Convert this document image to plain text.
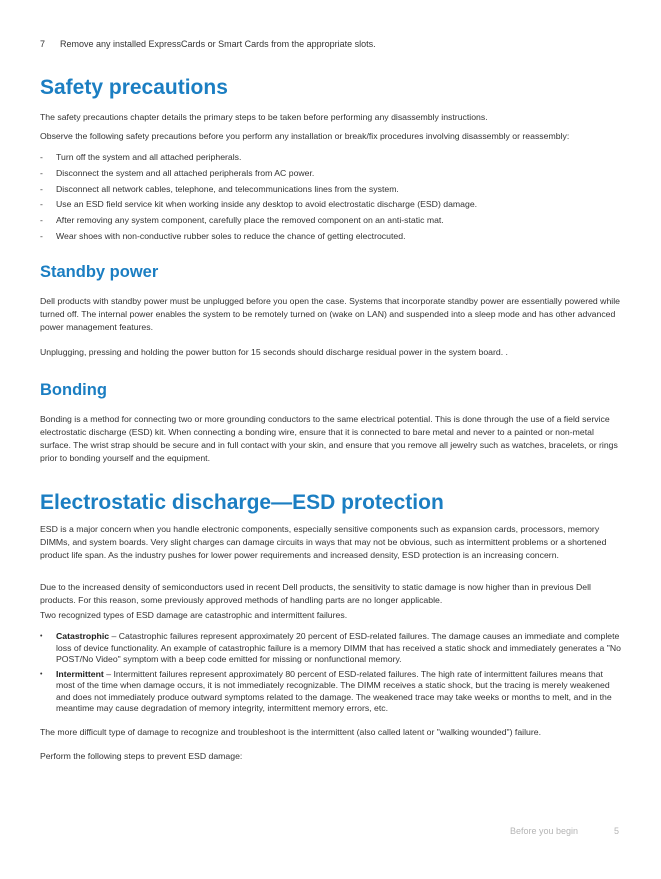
7 Remove any installed ExpressCards or Smart Cards from the appropriate slots.
Safety precautions

The safety precautions chapter details the primary steps to be taken before performing any disassembly instructions.

Observe the following safety precautions before you perform any installation or break/fix procedures involving disassembly or reassembly:

- Turn off the system and all attached peripherals.
- Disconnect the system and all attached peripherals from AC power.
- Disconnect all network cables, telephone, and telecommunications lines from the system.
- Use an ESD field service kit when working inside any desktop to avoid electrostatic discharge (ESD) damage.
- After removing any system component, carefully place the removed component on an anti-static mat.
- Wear shoes with non-conductive rubber soles to reduce the chance of getting electrocuted.
Standby power

Dell products with standby power must be unplugged before you open the case. Systems that incorporate standby power are essentially powered while turned off. The internal power enables the system to be remotely turned on (wake on LAN) and suspended into a sleep mode and has other advanced power management features.

Unplugging, pressing and holding the power button for 15 seconds should discharge residual power in the system board. .

Bonding

Bonding is a method for connecting two or more grounding conductors to the same electrical potential. This is done through the use of a field service electrostatic discharge (ESD) kit. When connecting a bonding wire, ensure that it is connected to bare metal and never to a painted or non-metal surface. The wrist strap should be secure and in full contact with your skin, and ensure that you remove all jewelry such as watches, bracelets, or rings prior to bonding yourself and the equipment.

Electrostatic discharge—ESD protection

ESD is a major concern when you handle electronic components, especially sensitive components such as expansion cards, processors, memory DIMMs, and system boards. Very slight charges can damage circuits in ways that may not be obvious, such as intermittent problems or a shortened product life span. As the industry pushes for lower power requirements and increased density, ESD protection is an increasing concern.

Due to the increased density of semiconductors used in recent Dell products, the sensitivity to static damage is now higher than in previous Dell products. For this reason, some previously approved methods of handling parts are no longer applicable.

Two recognized types of ESD damage are catastrophic and intermittent failures.

• Catastrophic – Catastrophic failures represent approximately 20 percent of ESD-related failures. The damage causes an immediate and complete loss of device functionality. An example of catastrophic failure is a memory DIMM that has received a static shock and immediately generates a "No POST/No Video" symptom with a beep code emitted for missing or nonfunctional memory.
• Intermittent – Intermittent failures represent approximately 80 percent of ESD-related failures. The high rate of intermittent failures means that most of the time when damage occurs, it is not immediately recognizable. The DIMM receives a static shock, but the tracing is merely weakened and does not immediately produce outward symptoms related to the damage. The weakened trace may take weeks or months to melt, and in the meantime may cause degradation of memory integrity, intermittent memory errors, etc.

The more difficult type of damage to recognize and troubleshoot is the intermittent (also called latent or "walking wounded") failure.

Perform the following steps to prevent ESD damage:

Before you begin	5
